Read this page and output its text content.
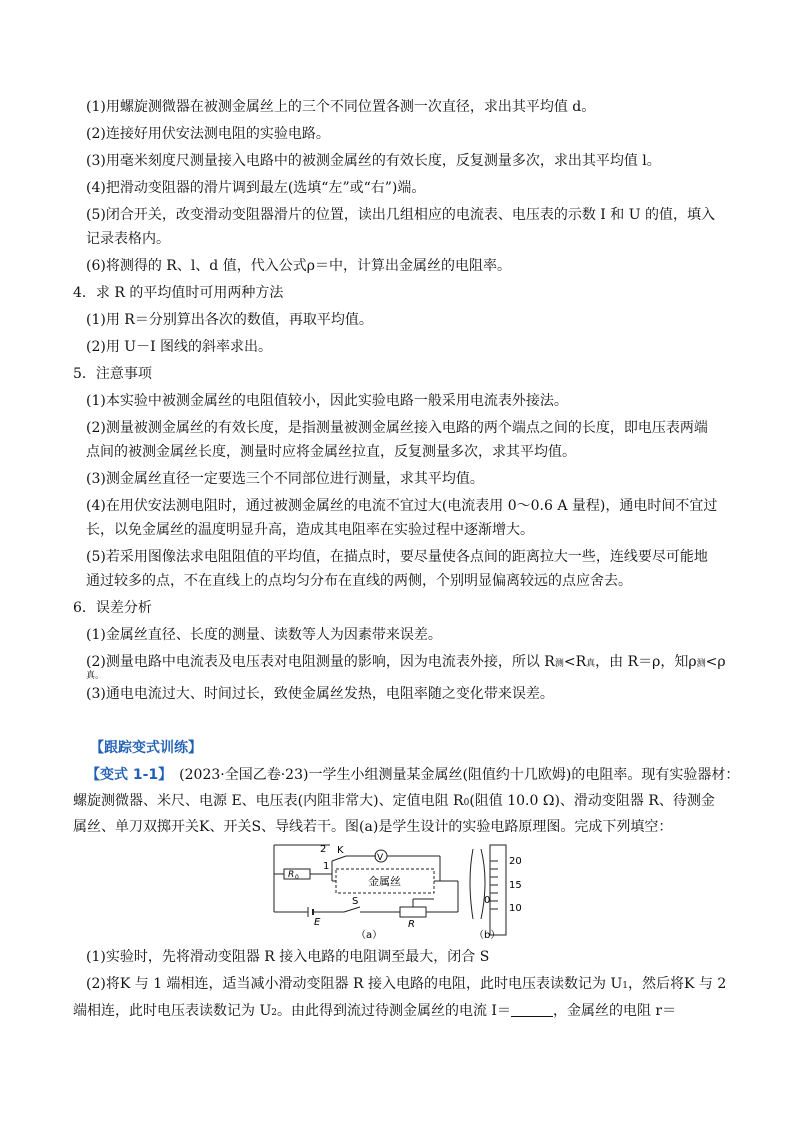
(1)用螺旋测微器在被测金属丝上的三个不同位置各测一次直径，求出其平均值 d。
(2)连接好用伏安法测电阻的实验电路。
(3)用毫米刻度尺测量接入电路中的被测金属丝的有效长度，反复测量多次，求出其平均值 l。
(4)把滑动变阻器的滑片调到最左(选填“左”或“右”)端。
(5)闭合开关，改变滑动变阻器滑片的位置，读出几组相应的电流表、电压表的示数 I 和 U 的值，填入
记录表格内。
(6)将测得的 R、l、d 值，代入公式ρ＝中，计算出金属丝的电阻率。
4．求 R 的平均值时可用两种方法
(1)用 R＝分别算出各次的数值，再取平均值。
(2)用 U－I 图线的斜率求出。
5．注意事项
(1)本实验中被测金属丝的电阻值较小，因此实验电路一般采用电流表外接法。
(2)测量被测金属丝的有效长度，是指测量被测金属丝接入电路的两个端点之间的长度，即电压表两端
点间的被测金属丝长度，测量时应将金属丝拉直，反复测量多次，求其平均值。
(3)测金属丝直径一定要选三个不同部位进行测量，求其平均值。
(4)在用伏安法测电阻时，通过被测金属丝的电流不宜过大(电流表用 0～0.6 A 量程)，通电时间不宜过
长，以免金属丝的温度明显升高，造成其电阻率在实验过程中逐渐增大。
(5)若采用图像法求电阻阻值的平均值，在描点时，要尽量使各点间的距离拉大一些，连线要尽可能地
通过较多的点，不在直线上的点均匀分布在直线的两侧，个别明显偏离较远的点应舍去。
6．误差分析
(1)金属丝直径、长度的测量、读数等人为因素带来误差。
(2)测量电路中电流表及电压表对电阻测量的影响，因为电流表外接，所以 R测<R真，由 R＝ρ，知ρ测<ρ
真。
(3)通电电流过大、时间过长，致使金属丝发热，电阻率随之变化带来误差。
【跟踪变式训练】
【变式 1-1】　(2023·全国乙卷·23)一学生小组测量某金属丝(阻值约十几欧姆)的电阻率。现有实验器材：
螺旋测微器、米尺、电源 E、电压表(内阻非常大)、定值电阻 R0(阻值 10.0 Ω)、滑动变阻器 R、待测金
属丝、单刀双掷开关K、开关S、导线若干。图(a)是学生设计的实验电路原理图。完成下列填空：
2
1
K
V
R 0	金属丝
E
S
R
（a）	（b）
20
15
10
0
(1)实验时，先将滑动变阻器 R 接入电路的电阻调至最大，闭合 S
(2)将K 与 1 端相连，适当减小滑动变阻器 R 接入电路的电阻，此时电压表读数记为 U1，然后将K 与 2
端相连，此时电压表读数记为 U2。由此得到流过待测金属丝的电流 I＝	，金属丝的电阻 r＝
